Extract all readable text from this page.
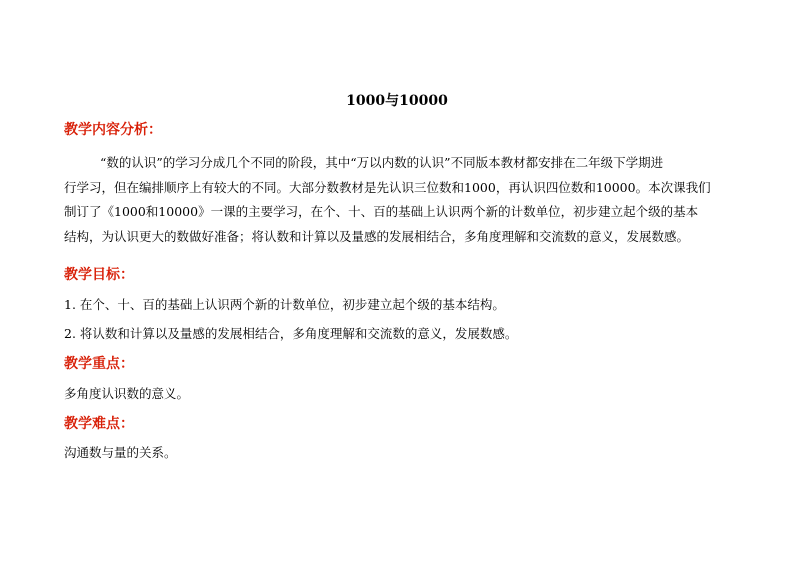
1000与10000
教学内容分析：
“数的认识”的学习分成几个不同的阶段，其中“万以内数的认识”不同版本教材都安排在二年级下学期进
行学习，但在编排顺序上有较大的不同。大部分数教材是先认识三位数和1000，再认识四位数和10000。本次课我们
制订了《1000和10000》一课的主要学习，在个、十、百的基础上认识两个新的计数单位，初步建立起个级的基本
结构，为认识更大的数做好准备；将认数和计算以及量感的发展相结合，多角度理解和交流数的意义，发展数感。
教学目标：
1. 在个、十、百的基础上认识两个新的计数单位，初步建立起个级的基本结构。
2. 将认数和计算以及量感的发展相结合，多角度理解和交流数的意义，发展数感。
教学重点：
多角度认识数的意义。
教学难点：
沟通数与量的关系。
